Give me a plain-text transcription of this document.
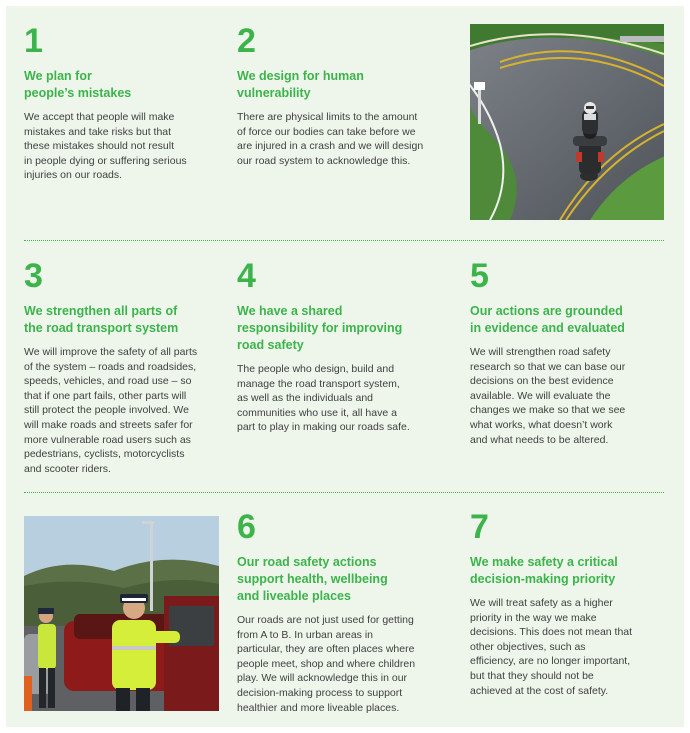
1
We plan for
people’s mistakes
We accept that people will make
mistakes and take risks but that
these mistakes should not result
in people dying or suffering serious
injuries on our roads.
2
We design for human
vulnerability
There are physical limits to the amount
of force our bodies can take before we
are injured in a crash and we will design
our road system to acknowledge this.
3
We strengthen all parts of
the road transport system
We will improve the safety of all parts
of the system – roads and roadsides,
speeds, vehicles, and road use – so
that if one part fails, other parts will
still protect the people involved. We
will make roads and streets safer for
more vulnerable road users such as
pedestrians, cyclists, motorcyclists
and scooter riders.
4
We have a shared
responsibility for improving
road safety
The people who design, build and
manage the road transport system,
as well as the individuals and
communities who use it, all have a
part to play in making our roads safe.
5
Our actions are grounded
in evidence and evaluated
We will strengthen road safety
research so that we can base our
decisions on the best evidence
available. We will evaluate the
changes we make so that we see
what works, what doesn’t work
and what needs to be altered.
6
Our road safety actions
support health, wellbeing
and liveable places
Our roads are not just used for getting
from A to B. In urban areas in
particular, they are often places where
people meet, shop and where children
play. We will acknowledge this in our
decision-making process to support
healthier and more liveable places.
7
We make safety a critical
decision-making priority
We will treat safety as a higher
priority in the way we make
decisions. This does not mean that
other objectives, such as
efficiency, are no longer important,
but that they should not be
achieved at the cost of safety.
